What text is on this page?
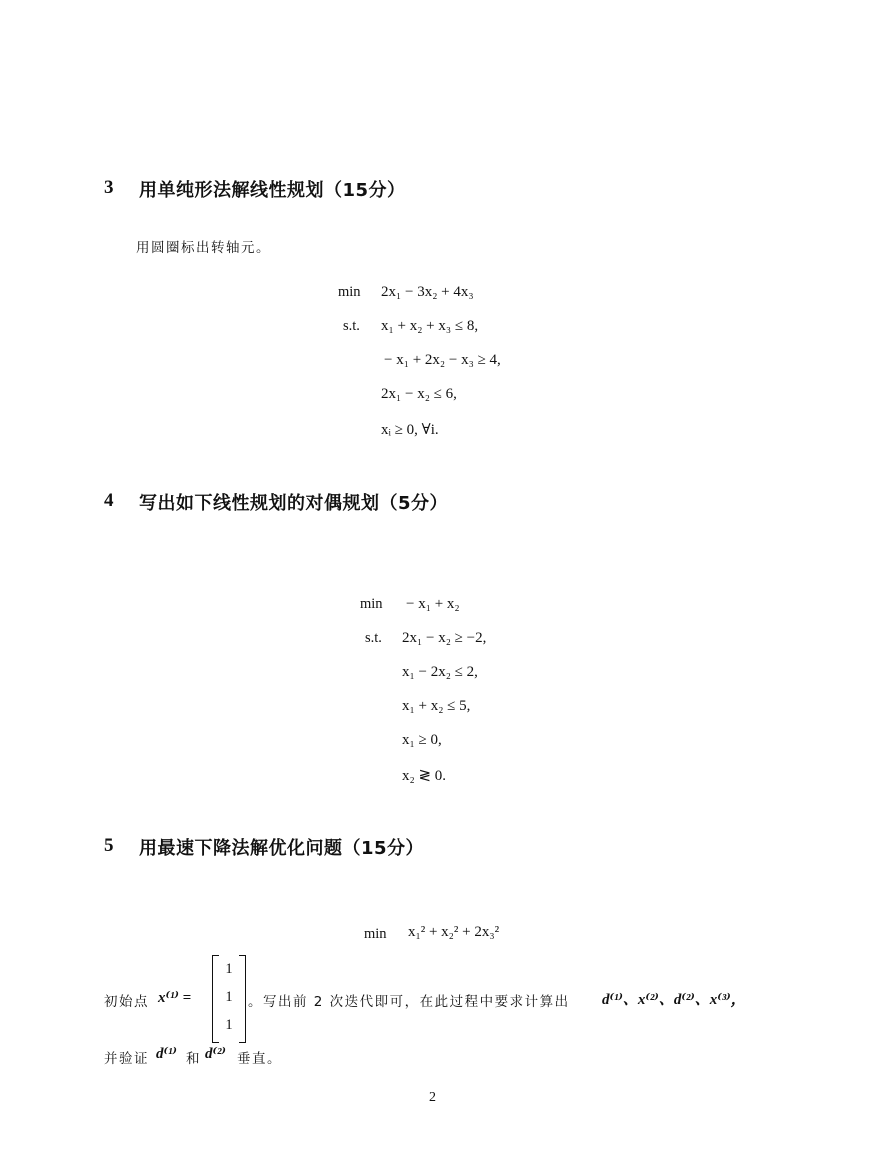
3 用单纯形法解线性规划（15分）
用圆圈标出转轴元。
min 2x₁ − 3x₂ + 4x₃
s.t. x₁ + x₂ + x₃ ≤ 8,
− x₁ + 2x₂ − x₃ ≥ 4,
2x₁ − x₂ ≤ 6,
xᵢ ≥ 0, ∀i.
4 写出如下线性规划的对偶规划（5分）
min − x₁ + x₂
s.t. 2x₁ − x₂ ≥ −2,
x₁ − 2x₂ ≤ 2,
x₁ + x₂ ≤ 5,
x₁ ≥ 0,
x₂ ≷ 0.
5 用最速下降法解优化问题（15分）
min x₁² + x₂² + 2x₃²
初始点 x⁽¹⁾ =
1
1
1
。写出前 2 次迭代即可，在此过程中要求计算出 d⁽¹⁾、x⁽²⁾、d⁽²⁾、x⁽³⁾，
并验证 d⁽¹⁾ 和 d⁽²⁾ 垂直。
2
